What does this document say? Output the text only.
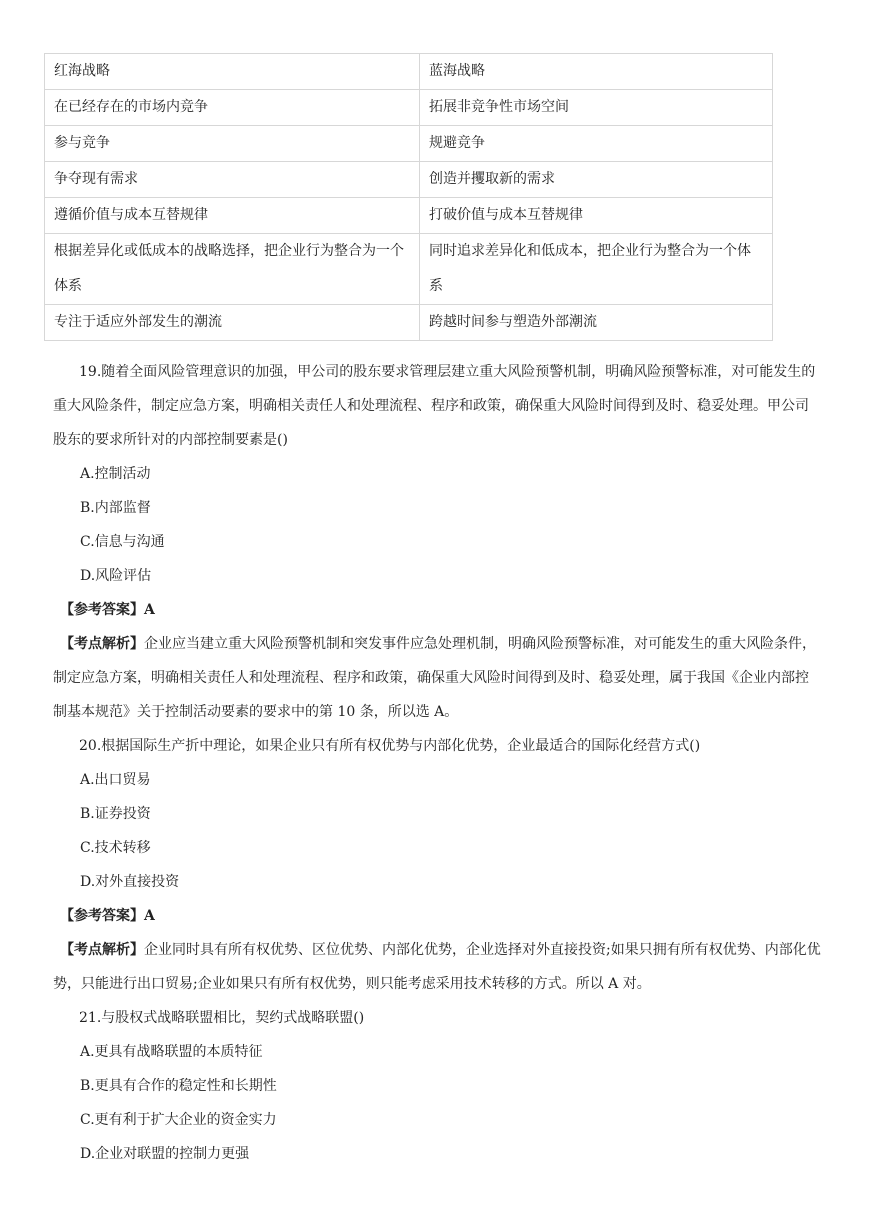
红海战略	蓝海战略
在已经存在的市场内竞争	拓展非竞争性市场空间
参与竞争	规避竞争
争夺现有需求	创造并攫取新的需求
遵循价值与成本互替规律	打破价值与成本互替规律
根据差异化或低成本的战略选择，把企业行为整合为一个体系	同时追求差异化和低成本，把企业行为整合为一个体系
专注于适应外部发生的潮流	跨越时间参与塑造外部潮流

19.随着全面风险管理意识的加强，甲公司的股东要求管理层建立重大风险预警机制，明确风险预警标准，对可能发生的重大风险条件，制定应急方案，明确相关责任人和处理流程、程序和政策，确保重大风险时间得到及时、稳妥处理。甲公司股东的要求所针对的内部控制要素是()

A.控制活动

B.内部监督

C.信息与沟通

D.风险评估

【参考答案】A

【考点解析】企业应当建立重大风险预警机制和突发事件应急处理机制，明确风险预警标准，对可能发生的重大风险条件，制定应急方案，明确相关责任人和处理流程、程序和政策，确保重大风险时间得到及时、稳妥处理，属于我国《企业内部控制基本规范》关于控制活动要素的要求中的第 10 条，所以选 A。

20.根据国际生产折中理论，如果企业只有所有权优势与内部化优势，企业最适合的国际化经营方式()

A.出口贸易

B.证券投资

C.技术转移

D.对外直接投资

【参考答案】A

【考点解析】企业同时具有所有权优势、区位优势、内部化优势，企业选择对外直接投资;如果只拥有所有权优势、内部化优势，只能进行出口贸易;企业如果只有所有权优势，则只能考虑采用技术转移的方式。所以 A 对。

21.与股权式战略联盟相比，契约式战略联盟()

A.更具有战略联盟的本质特征

B.更具有合作的稳定性和长期性

C.更有利于扩大企业的资金实力

D.企业对联盟的控制力更强
